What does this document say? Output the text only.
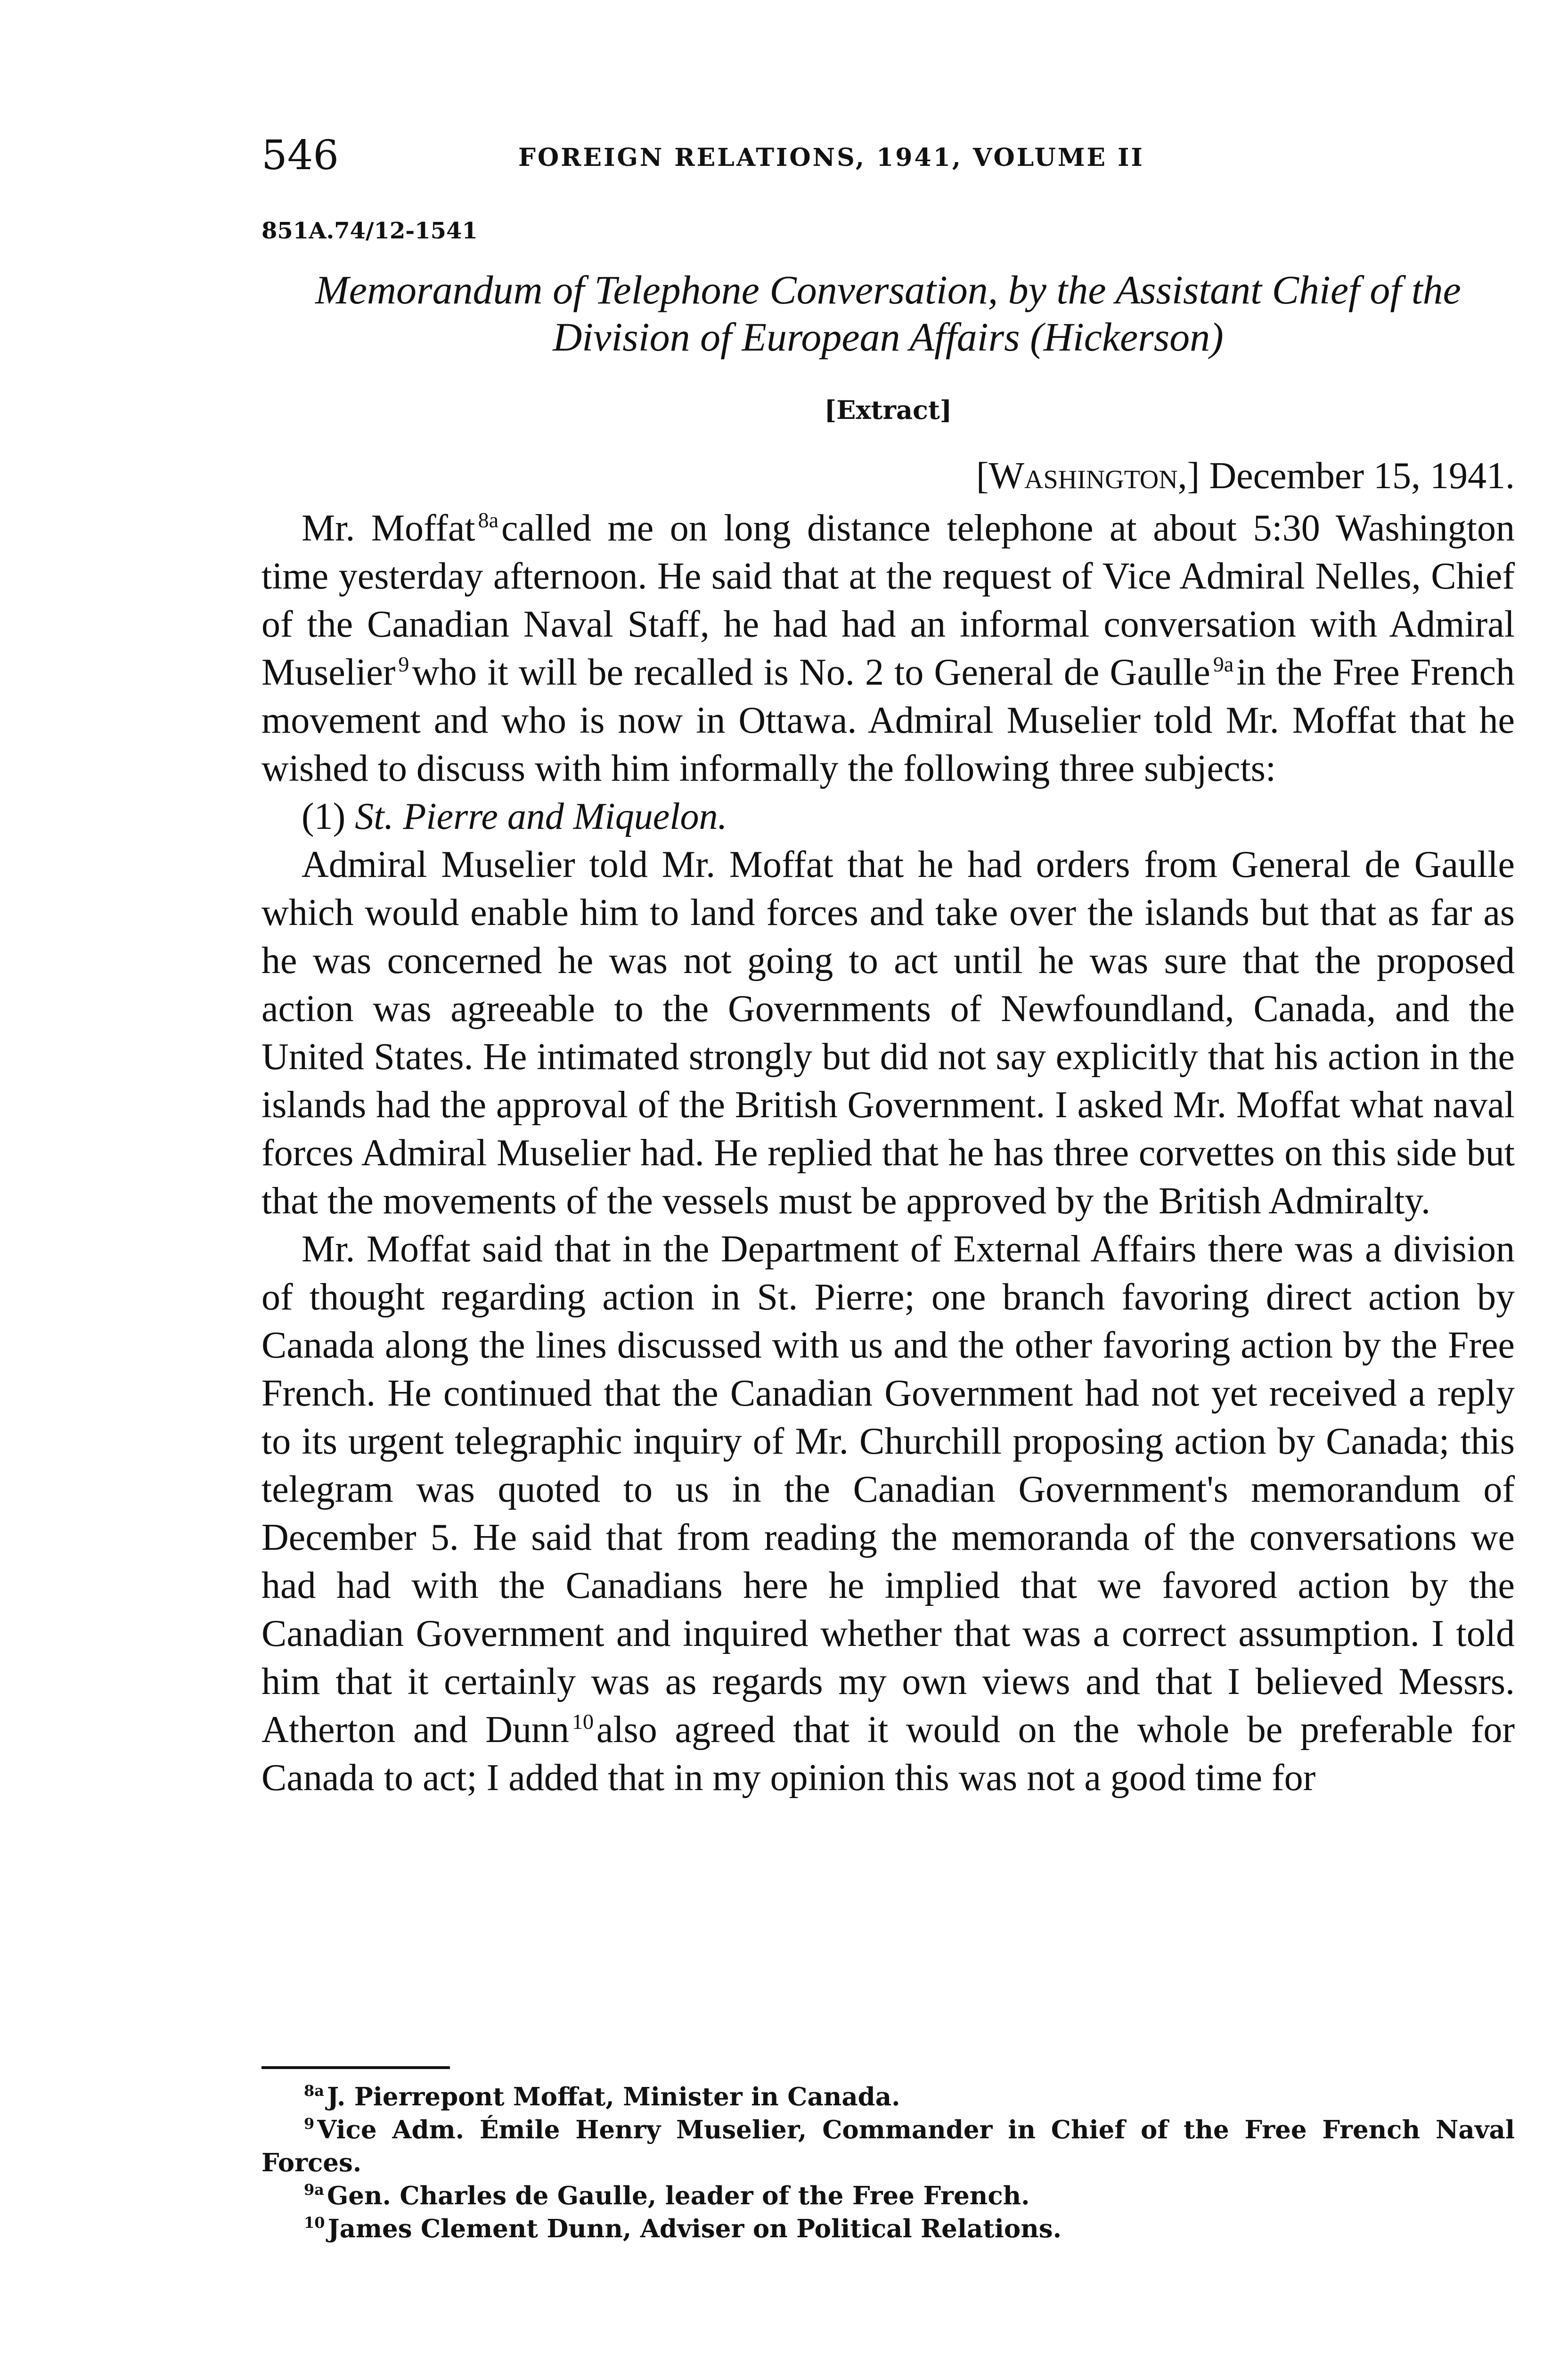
546	FOREIGN RELATIONS, 1941, VOLUME II
851A.74/12-1541
Memorandum of Telephone Conversation, by the Assistant Chief of the Division of European Affairs (Hickerson)
[Extract]
[Washington,] December 15, 1941.

Mr. Moffat $^{8a}$called me on long distance telephone at about 5:30 Washington time yesterday afternoon. He said that at the request of Vice Admiral Nelles, Chief of the Canadian Naval Staff, he had had an informal conversation with Admiral Muselier $^9$who it will be recalled is No. 2 to General de Gaulle $^{9a}$in the Free French movement and who is now in Ottawa. Admiral Muselier told Mr. Moffat that he wished to discuss with him informally the following three subjects:

(1) St. Pierre and Miquelon.

Admiral Muselier told Mr. Moffat that he had orders from General de Gaulle which would enable him to land forces and take over the islands but that as far as he was concerned he was not going to act until he was sure that the proposed action was agreeable to the Governments of Newfoundland, Canada, and the United States. He intimated strongly but did not say explicitly that his action in the islands had the approval of the British Government. I asked Mr. Moffat what naval forces Admiral Muselier had. He replied that he has three corvettes on this side but that the movements of the vessels must be approved by the British Admiralty.

Mr. Moffat said that in the Department of External Affairs there was a division of thought regarding action in St. Pierre; one branch favoring direct action by Canada along the lines discussed with us and the other favoring action by the Free French. He continued that the Canadian Government had not yet received a reply to its urgent telegraphic inquiry of Mr. Churchill proposing action by Canada; this telegram was quoted to us in the Canadian Government's memorandum of December 5. He said that from reading the memoranda of the conversations we had had with the Canadians here he implied that we favored action by the Canadian Government and inquired whether that was a correct assumption. I told him that it certainly was as regards my own views and that I believed Messrs. Atherton and Dunn $^{10}$also agreed that it would on the whole be preferable for Canada to act; I added that in my opinion this was not a good time for

$^{8a}$ J. Pierrepont Moffat, Minister in Canada.

$^9$ Vice Adm. Émile Henry Muselier, Commander in Chief of the Free French Naval Forces.

$^{9a}$ Gen. Charles de Gaulle, leader of the Free French.

$^{10}$ James Clement Dunn, Adviser on Political Relations.
